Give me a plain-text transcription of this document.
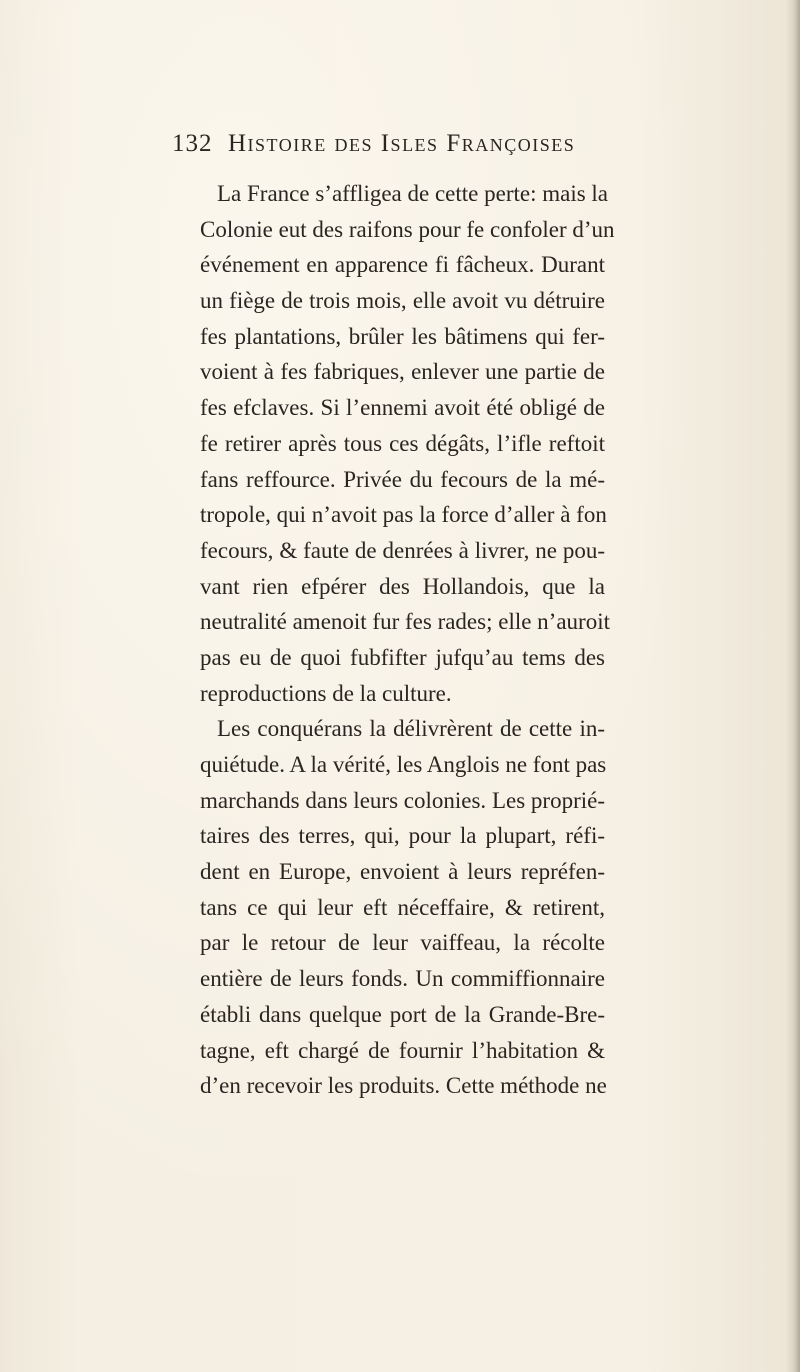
132 Histoire des Isles Françoises
La France s’affligea de cette perte: mais la
Colonie eut des raifons pour fe confoler d’un
événement en apparence fi fâcheux. Durant
un fiège de trois mois, elle avoit vu détruire
fes plantations, brûler les bâtimens qui fer-
voient à fes fabriques, enlever une partie de
fes efclaves. Si l’ennemi avoit été obligé de
fe retirer après tous ces dégâts, l’ifle reftoit
fans reffource. Privée du fecours de la mé-
tropole, qui n’avoit pas la force d’aller à fon
fecours, & faute de denrées à livrer, ne pou-
vant rien efpérer des Hollandois, que la
neutralité amenoit fur fes rades; elle n’auroit
pas eu de quoi fubfifter jufqu’au tems des
reproductions de la culture.
Les conquérans la délivrèrent de cette in-
quiétude. A la vérité, les Anglois ne font pas
marchands dans leurs colonies. Les proprié-
taires des terres, qui, pour la plupart, réfi-
dent en Europe, envoient à leurs repréfen-
tans ce qui leur eft néceffaire, & retirent,
par le retour de leur vaiffeau, la récolte
entière de leurs fonds. Un commiffionnaire
établi dans quelque port de la Grande-Bre-
tagne, eft chargé de fournir l’habitation &
d’en recevoir les produits. Cette méthode ne
